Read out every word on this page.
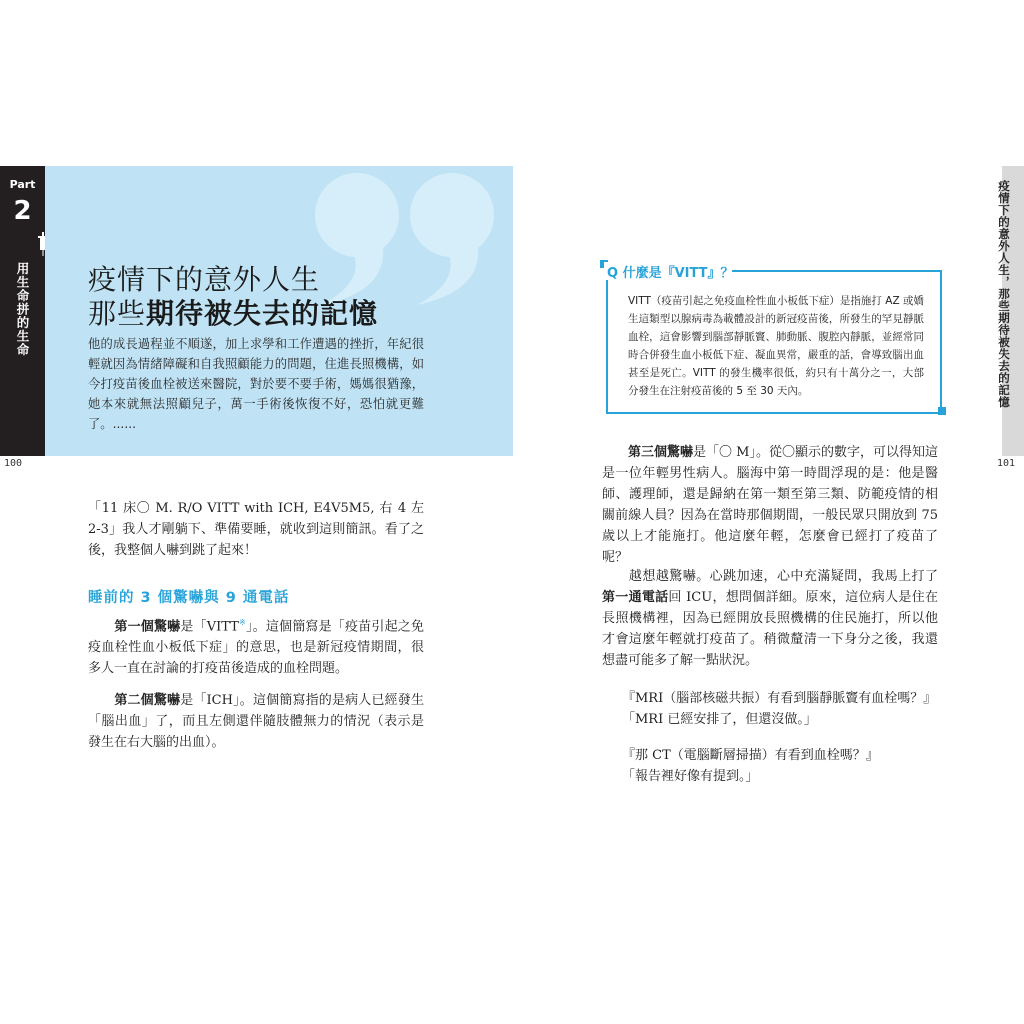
Part
2
用生命拼的生命	疫情下的意外人生
那些期待被失去的記憶
他的成長過程並不順遂，加上求學和工作遭遇的挫折，年紀很輕就因為情緒障礙和自我照顧能力的問題，住進長照機構，如今打疫苗後血栓被送來醫院，對於要不要手術，媽媽很猶豫，她本來就無法照顧兒子，萬一手術後恢復不好，恐怕就更難了。......
100
「11 床〇 M. R/O VITT with ICH, E4V5M5, 右 4 左 2-3」我人才剛躺下、準備要睡，就收到這則簡訊。看了之後，我整個人嚇到跳了起來！
睡前的 3 個驚嚇與 9 通電話
　　第一個驚嚇是「VITT※」。這個簡寫是「疫苗引起之免疫血栓性血小板低下症」的意思，也是新冠疫情期間，很多人一直在討論的打疫苗後造成的血栓問題。
　　第二個驚嚇是「ICH」。這個簡寫指的是病人已經發生「腦出血」了，而且左側還伴隨肢體無力的情況（表示是發生在右大腦的出血）。
疫情下的意外人生，那些期待被失去的記憶
101
Q 什麼是『VITT』？
VITT（疫苗引起之免疫血栓性血小板低下症）是指施打 AZ 或嬌生這類型以腺病毒為載體設計的新冠疫苗後，所發生的罕見靜脈血栓，這會影響到腦部靜脈竇、肺動脈、腹腔內靜脈，並經常同時合併發生血小板低下症、凝血異常，嚴重的話，會導致腦出血甚至是死亡。VITT 的發生機率很低，約只有十萬分之一，大部分發生在注射疫苗後的 5 至 30 天內。
　　第三個驚嚇是「〇 M」。從〇顯示的數字，可以得知這是一位年輕男性病人。腦海中第一時間浮現的是：他是醫師、護理師，還是歸納在第一類至第三類、防範疫情的相關前線人員？因為在當時那個期間，一般民眾只開放到 75 歲以上才能施打。他這麼年輕，怎麼會已經打了疫苗了呢？
　　越想越驚嚇。心跳加速，心中充滿疑問，我馬上打了第一通電話回 ICU，想問個詳細。原來，這位病人是住在長照機構裡，因為已經開放長照機構的住民施打，所以他才會這麼年輕就打疫苗了。稍微釐清一下身分之後，我還想盡可能多了解一點狀況。
『MRI（腦部核磁共振）有看到腦靜脈竇有血栓嗎？』
「MRI 已經安排了，但還沒做。」
『那 CT（電腦斷層掃描）有看到血栓嗎？』
「報告裡好像有提到。」
